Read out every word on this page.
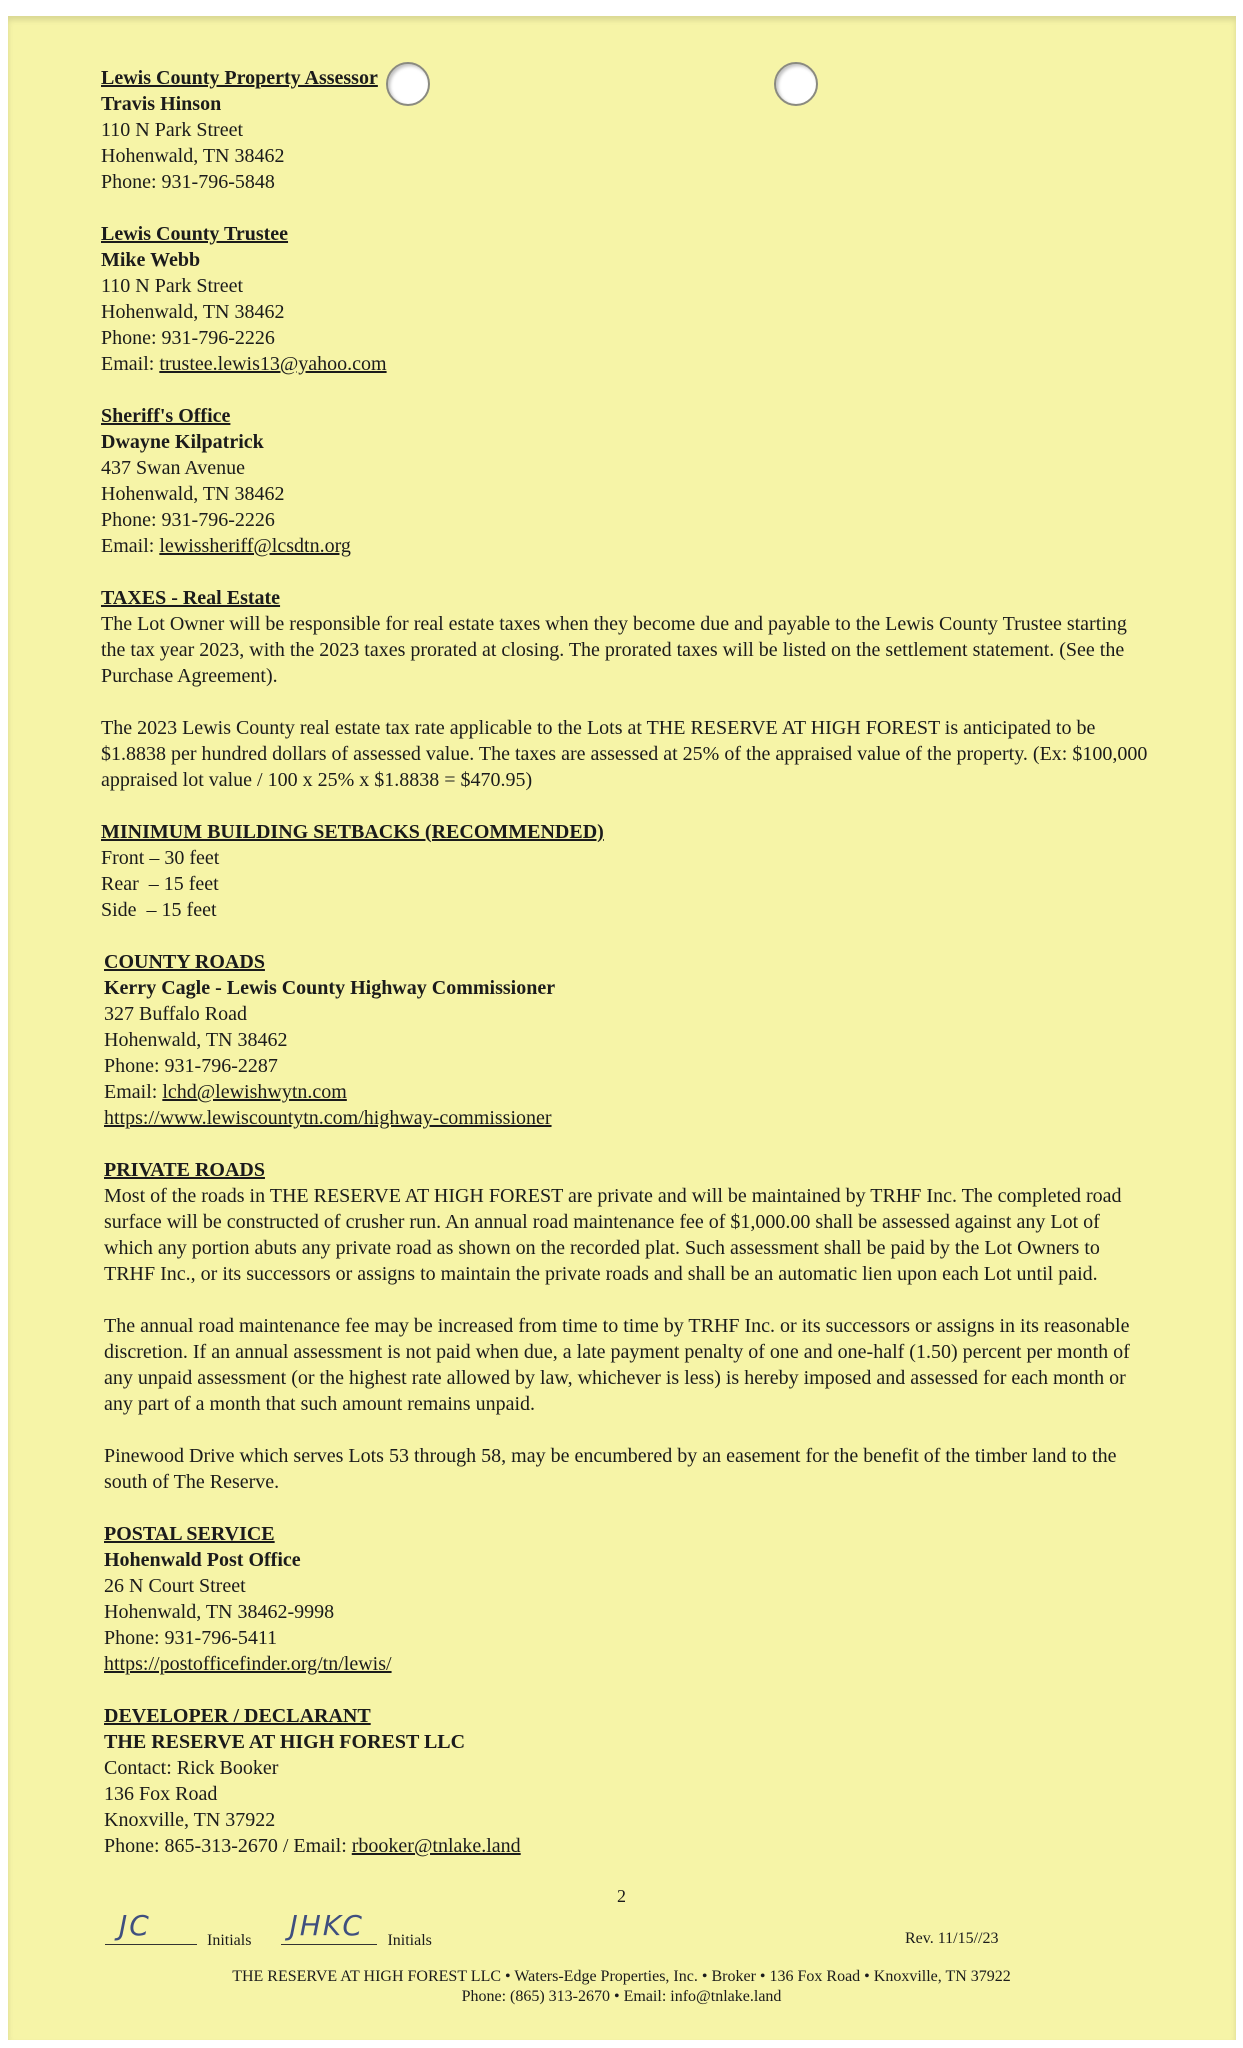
Lewis County Property Assessor
Travis Hinson
110 N Park Street
Hohenwald, TN 38462
Phone: 931-796-5848
Lewis County Trustee
Mike Webb
110 N Park Street
Hohenwald, TN 38462
Phone: 931-796-2226
Email: trustee.lewis13@yahoo.com
Sheriff's Office
Dwayne Kilpatrick
437 Swan Avenue
Hohenwald, TN 38462
Phone: 931-796-2226
Email: lewissheriff@lcsdtn.org
TAXES - Real Estate
The Lot Owner will be responsible for real estate taxes when they become due and payable to the Lewis County Trustee starting the tax year 2023, with the 2023 taxes prorated at closing. The prorated taxes will be listed on the settlement statement. (See the Purchase Agreement).
The 2023 Lewis County real estate tax rate applicable to the Lots at THE RESERVE AT HIGH FOREST is anticipated to be $1.8838 per hundred dollars of assessed value. The taxes are assessed at 25% of the appraised value of the property. (Ex: $100,000 appraised lot value / 100 x 25% x $1.8838 = $470.95)
MINIMUM BUILDING SETBACKS (RECOMMENDED)
Front – 30 feet
Rear  – 15 feet
Side  – 15 feet
COUNTY ROADS
Kerry Cagle - Lewis County Highway Commissioner
327 Buffalo Road
Hohenwald, TN 38462
Phone: 931-796-2287
Email: lchd@lewishwytn.com
https://www.lewiscountytn.com/highway-commissioner
PRIVATE ROADS
Most of the roads in THE RESERVE AT HIGH FOREST are private and will be maintained by TRHF Inc. The completed road surface will be constructed of crusher run. An annual road maintenance fee of $1,000.00 shall be assessed against any Lot of which any portion abuts any private road as shown on the recorded plat. Such assessment shall be paid by the Lot Owners to TRHF Inc., or its successors or assigns to maintain the private roads and shall be an automatic lien upon each Lot until paid.
The annual road maintenance fee may be increased from time to time by TRHF Inc. or its successors or assigns in its reasonable discretion. If an annual assessment is not paid when due, a late payment penalty of one and one-half (1.50) percent per month of any unpaid assessment (or the highest rate allowed by law, whichever is less) is hereby imposed and assessed for each month or any part of a month that such amount remains unpaid.
Pinewood Drive which serves Lots 53 through 58, may be encumbered by an easement for the benefit of the timber land to the south of The Reserve.
POSTAL SERVICE
Hohenwald Post Office
26 N Court Street
Hohenwald, TN 38462-9998
Phone: 931-796-5411
https://postofficefinder.org/tn/lewis/
DEVELOPER / DECLARANT
THE RESERVE AT HIGH FOREST LLC
Contact: Rick Booker
136 Fox Road
Knoxville, TN 37922
Phone: 865-313-2670 / Email: rbooker@tnlake.land
2
JC	Initials JHKC Initials	Rev. 11/15//23
THE RESERVE AT HIGH FOREST LLC • Waters-Edge Properties, Inc. • Broker • 136 Fox Road • Knoxville, TN 37922
Phone: (865) 313-2670 • Email: info@tnlake.land
